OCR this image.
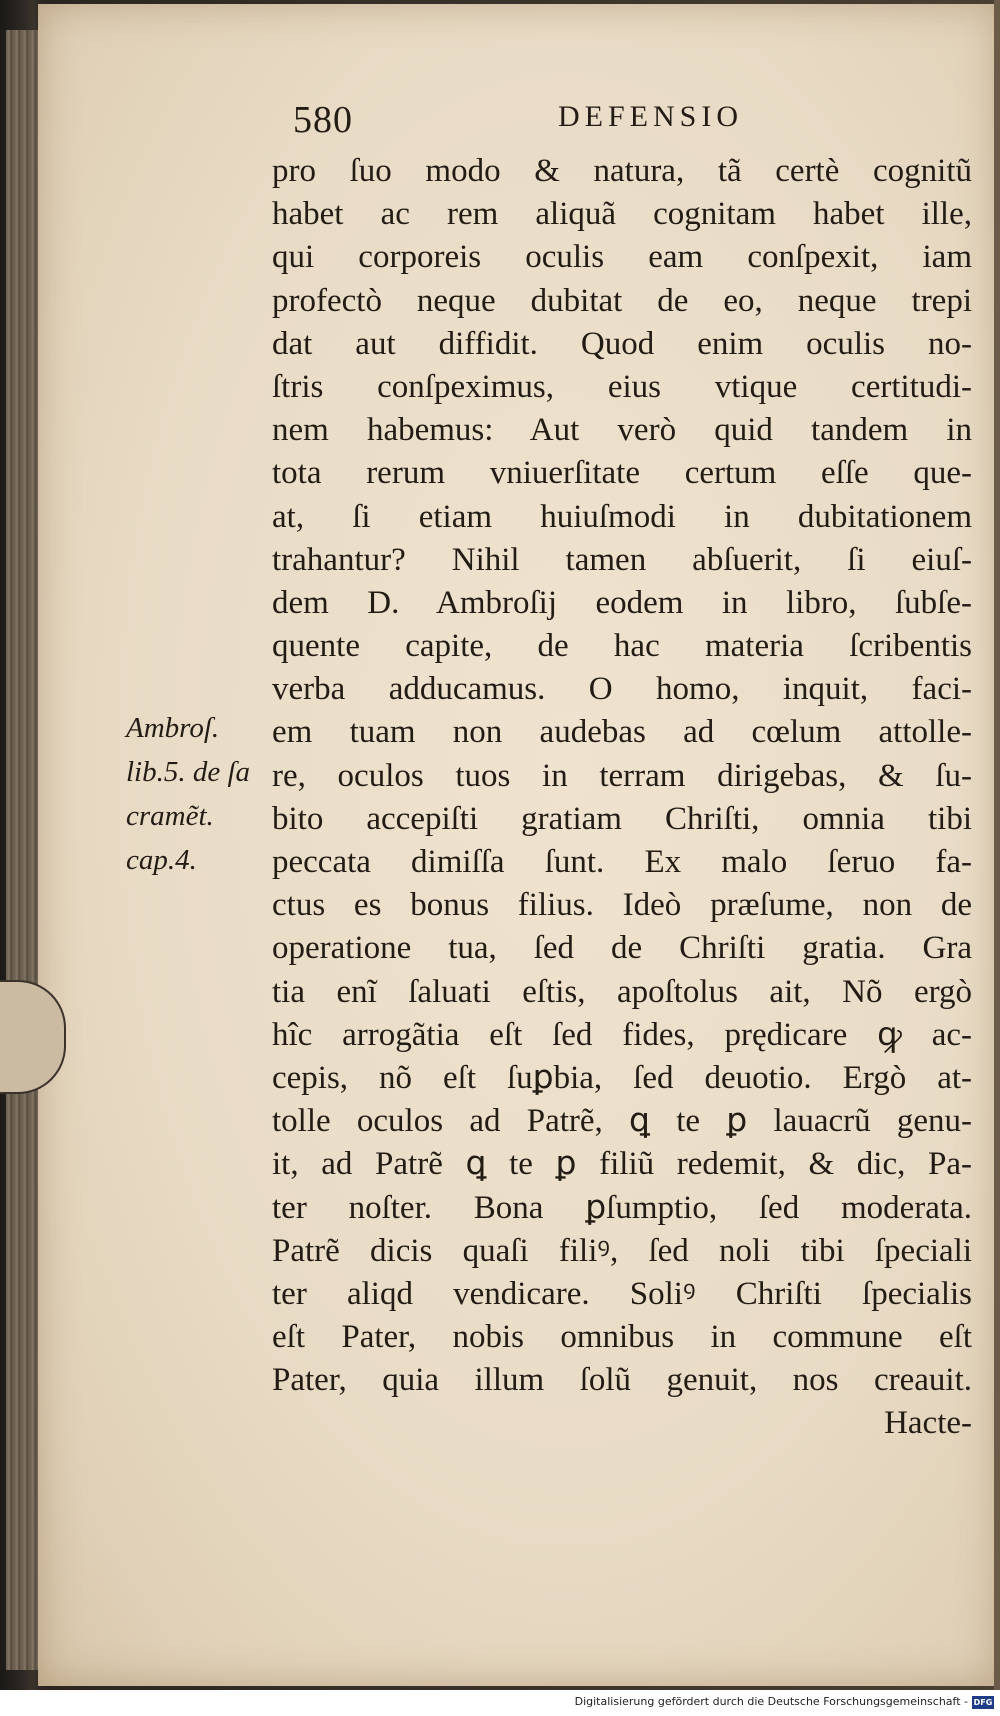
580	DEFENSIO
Ambroſ.
lib.5. de ſa
cramẽt.
cap.4.
pro ſuo modo & natura, tã certè cognitũ
habet ac rem aliquã cognitam habet ille,
qui corporeis oculis eam conſpexit, iam
profectò neque dubitat de eo, neque trepi
dat aut diffidit. Quod enim oculis no-
ſtris conſpeximus, eius vtique certitudi-
nem habemus: Aut verò quid tandem in
tota rerum vniuerſitate certum eſſe que-
at, ſi etiam huiuſmodi in dubitationem
trahantur? Nihil tamen abſuerit, ſi eiuſ-
dem D. Ambroſij eodem in libro, ſubſe-
quente capite, de hac materia ſcribentis
verba adducamus. O homo, inquit, faci-
em tuam non audebas ad cœlum attolle-
re, oculos tuos in terram dirigebas, & ſu-
bito accepiſti gratiam Chriſti, omnia tibi
peccata dimiſſa ſunt. Ex malo ſeruo fa-
ctus es bonus filius. Ideò præſume, non de
operatione tua, ſed de Chriſti gratia. Gra
tia enĩ ſaluati eſtis, apoſtolus ait, Nõ ergò
hîc arrogãtia eſt ſed fides, prędicare ꝙ ac-
cepis, nõ eſt ſuꝑbia, ſed deuotio. Ergò at-
tolle oculos ad Patrẽ, ꝗ te ꝑ lauacrũ genu-
it, ad Patrẽ ꝗ te ꝑ filiũ redemit, & dic, Pa-
ter noſter. Bona ꝑſumptio, ſed moderata.
Patrẽ dicis quaſi filiꝰ, ſed noli tibi ſpeciali
ter aliqd vendicare. Soliꝰ Chriſti ſpecialis
eſt Pater, nobis omnibus in commune eſt
Pater, quia illum ſolũ genuit, nos creauit.
Hacte-
Digitalisierung gefördert durch die Deutsche Forschungsgemeinschaft - DFG
